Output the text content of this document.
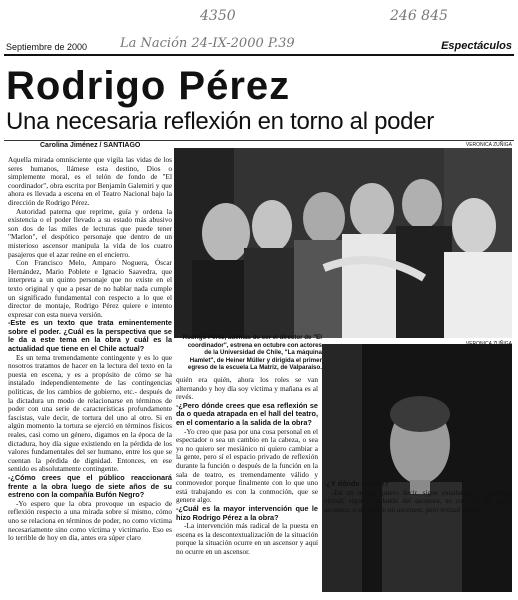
4350	246 845
Septiembre de 2000	La Nación 24-IX-2000 P.39	Espectáculos
Rodrigo Pérez
Una necesaria reflexión en torno al poder
Carolina Jiménez / SANTIAGO	VERONICA ZUÑIGA
Rodrigo Pérez, además de ser el director de "El coordinador", estrena en octubre con actores de la Universidad de Chile, "La máquina Hamlet", de Heiner Müller y dirigida el primer egreso de la escuela La Matriz, de Valparaíso.

Aquella mirada omnisciente que vigila las vidas de los seres humanos, llámese esta destino, Dios o simplemente moral, es el telón de fondo de "El coordinador", obra escrita por Benjamín Galemiri y que ahora es llevada a escena en el Teatro Nacional bajo la dirección de Rodrigo Pérez.

Autoridad paterna que reprime, guía y ordena la existencia o el poder llevado a su estado más abusivo son dos de las miles de lecturas que puede tener "Marlon", el despótico personaje que dentro de un misterioso ascensor manipula la vida de los cuatro pasajeros que el azar reúne en el encierro.

Con Francisco Melo, Amparo Noguera, Óscar Hernández, Mario Poblete e Ignacio Saavedra, que interpreta a un quinto personaje que no existe en el texto original y que a pesar de no hablar nada cumple un significado fundamental con respecto a lo que el director de montaje, Rodrigo Pérez quiere e intento expresar con esta nueva versión.

-Este es un texto que trata eminentemente sobre el poder. ¿Cuál es la perspectiva que se le da a este tema en la obra y cuál es la actualidad que tiene en el Chile actual?

Es un tema tremendamente contingente y es lo que nosotros tratamos de hacer en la lectura del texto en la puesta en escena, y es a propósito de cómo se ha instalado independientemente de las contingencias políticas, de los cambios de gobierno, etc.- después de la dictadura un modo de relacionarse en términos de poder con una serie de características profundamente fascistas, vale decir, de tortura del uno al otro. Si en algún momento la tortura se ejerció en términos físicos reales, casi como un género, digamos en la época de la dictadura, hoy día sigue existiendo en la pérdida de los valores fundamentales del ser humano, entre los que se cuentan la pérdida de dignidad. Entonces, en ese sentido es absolutamente contingente.

-¿Cómo crees que el público reaccionará frente a la obra luego de siete años de su estreno con la compañía Bufón Negro?

-Yo espero que la obra provoque un espacio de reflexión respecto a una mirada sobre sí mismo, cómo uno se relaciona en términos de poder, no como víctima necesariamente sino como víctima y victimario. Eso es lo terrible de hoy en día, antes era súper claro

quién era quién, ahora los roles se van alternando y hoy día soy víctima y mañana es al revés.

-¿Pero dónde crees que esa reflexión se da o queda atrapada en el hall del teatro, en el comentario a la salida de la obra?

-Yo creo que pasa por una cosa personal en el espectador o sea un cambio en la cabeza, o sea yo no quiero ser mesiánico ni quiero cambiar a la gente, pero sí el espacio privado de reflexión durante la función o después de la función en la sala de teatro, es tremendamente válido y conmovedor porque finalmente con lo que uno está trabajando es con la conmoción, que se genere algo.

-¿Cuál es la mayor intervención que le hizo Rodrigo Pérez a la obra?

-La intervención más radical de la puesta en escena es la descontextualización de la situación porque la situación ocurre en un ascensor y aquí no ocurre en un ascensor.

-¿Y dónde ocurre?

-En un teatro, quiero decir, sigue existiendo un ascensor virtual, siguen hablando del ascensor, se corta la luz en el ascensor, o sea existe un ascensor, pero textual no real.
